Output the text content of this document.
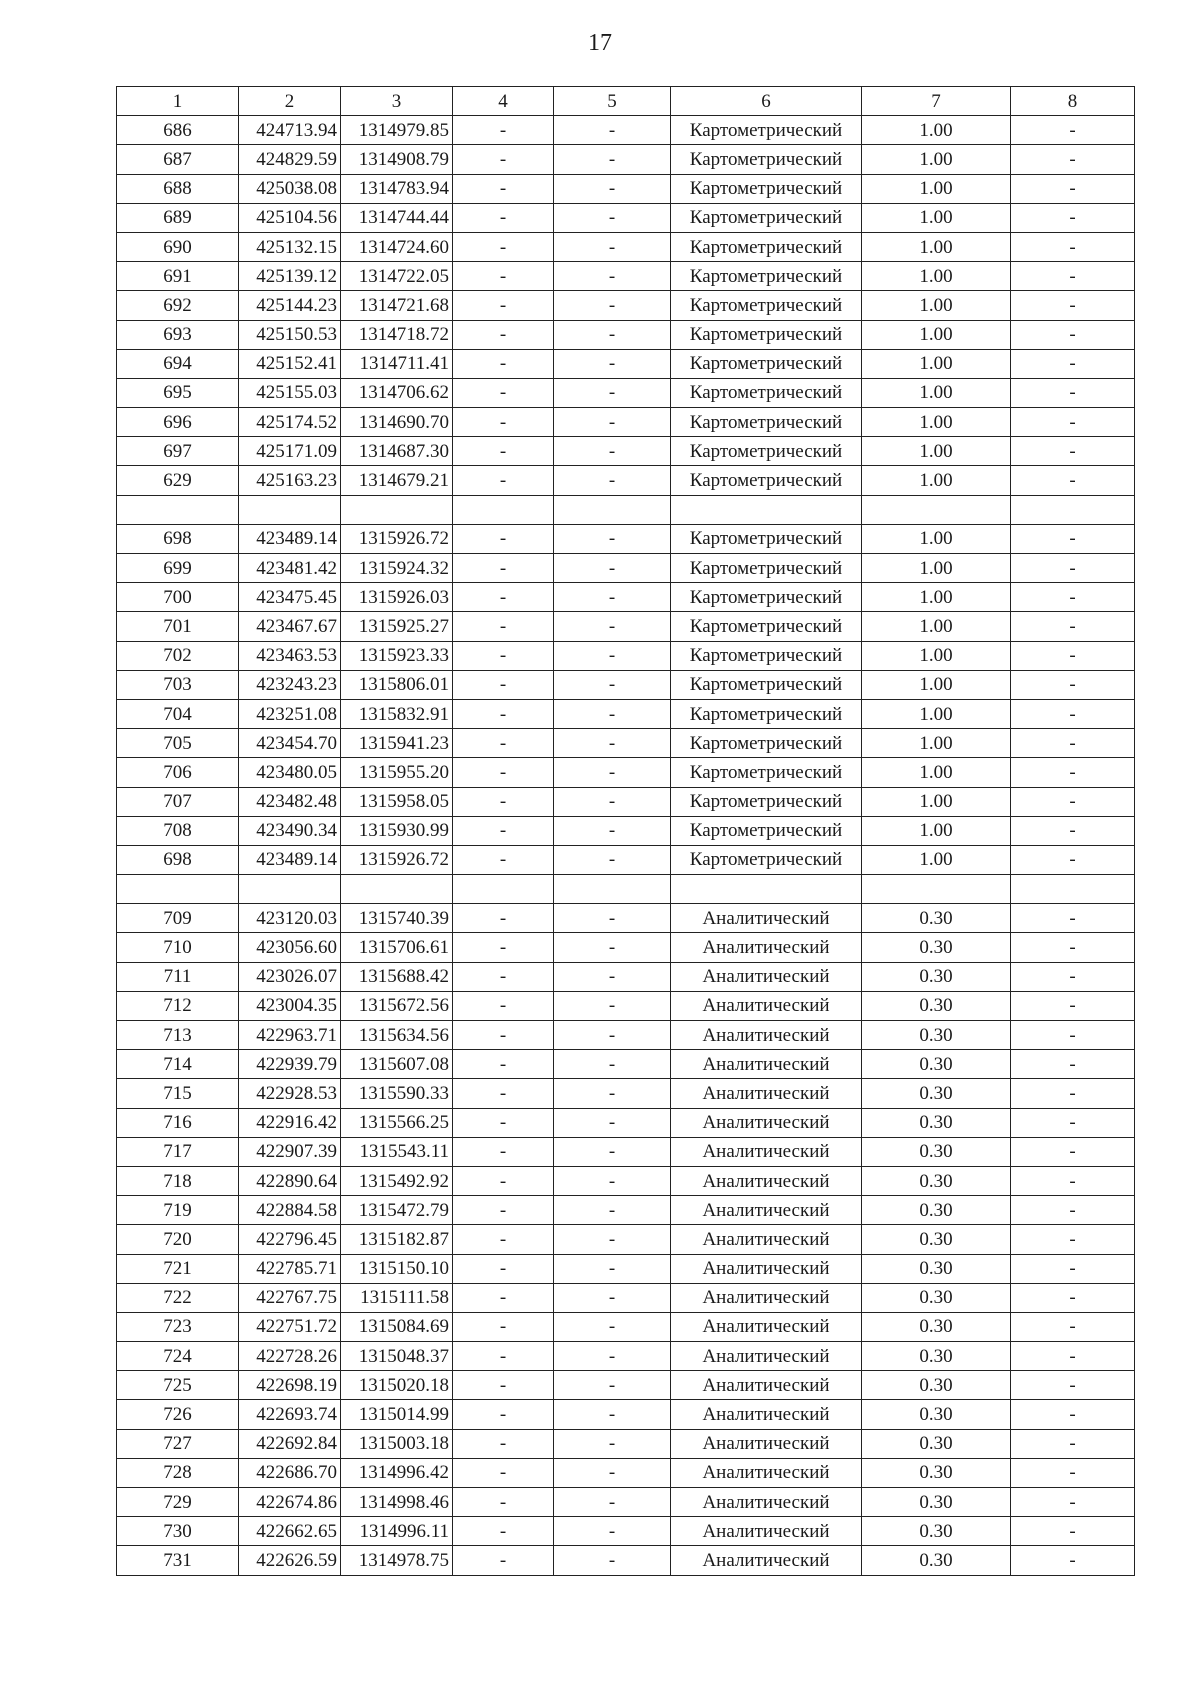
17
1	2	3	4	5	6	7	8
686	424713.94	1314979.85	-	-	Картометрический	1.00	-
687	424829.59	1314908.79	-	-	Картометрический	1.00	-
688	425038.08	1314783.94	-	-	Картометрический	1.00	-
689	425104.56	1314744.44	-	-	Картометрический	1.00	-
690	425132.15	1314724.60	-	-	Картометрический	1.00	-
691	425139.12	1314722.05	-	-	Картометрический	1.00	-
692	425144.23	1314721.68	-	-	Картометрический	1.00	-
693	425150.53	1314718.72	-	-	Картометрический	1.00	-
694	425152.41	1314711.41	-	-	Картометрический	1.00	-
695	425155.03	1314706.62	-	-	Картометрический	1.00	-
696	425174.52	1314690.70	-	-	Картометрический	1.00	-
697	425171.09	1314687.30	-	-	Картометрический	1.00	-
629	425163.23	1314679.21	-	-	Картометрический	1.00	-

698	423489.14	1315926.72	-	-	Картометрический	1.00	-
699	423481.42	1315924.32	-	-	Картометрический	1.00	-
700	423475.45	1315926.03	-	-	Картометрический	1.00	-
701	423467.67	1315925.27	-	-	Картометрический	1.00	-
702	423463.53	1315923.33	-	-	Картометрический	1.00	-
703	423243.23	1315806.01	-	-	Картометрический	1.00	-
704	423251.08	1315832.91	-	-	Картометрический	1.00	-
705	423454.70	1315941.23	-	-	Картометрический	1.00	-
706	423480.05	1315955.20	-	-	Картометрический	1.00	-
707	423482.48	1315958.05	-	-	Картометрический	1.00	-
708	423490.34	1315930.99	-	-	Картометрический	1.00	-
698	423489.14	1315926.72	-	-	Картометрический	1.00	-

709	423120.03	1315740.39	-	-	Аналитический	0.30	-
710	423056.60	1315706.61	-	-	Аналитический	0.30	-
711	423026.07	1315688.42	-	-	Аналитический	0.30	-
712	423004.35	1315672.56	-	-	Аналитический	0.30	-
713	422963.71	1315634.56	-	-	Аналитический	0.30	-
714	422939.79	1315607.08	-	-	Аналитический	0.30	-
715	422928.53	1315590.33	-	-	Аналитический	0.30	-
716	422916.42	1315566.25	-	-	Аналитический	0.30	-
717	422907.39	1315543.11	-	-	Аналитический	0.30	-
718	422890.64	1315492.92	-	-	Аналитический	0.30	-
719	422884.58	1315472.79	-	-	Аналитический	0.30	-
720	422796.45	1315182.87	-	-	Аналитический	0.30	-
721	422785.71	1315150.10	-	-	Аналитический	0.30	-
722	422767.75	1315111.58	-	-	Аналитический	0.30	-
723	422751.72	1315084.69	-	-	Аналитический	0.30	-
724	422728.26	1315048.37	-	-	Аналитический	0.30	-
725	422698.19	1315020.18	-	-	Аналитический	0.30	-
726	422693.74	1315014.99	-	-	Аналитический	0.30	-
727	422692.84	1315003.18	-	-	Аналитический	0.30	-
728	422686.70	1314996.42	-	-	Аналитический	0.30	-
729	422674.86	1314998.46	-	-	Аналитический	0.30	-
730	422662.65	1314996.11	-	-	Аналитический	0.30	-
731	422626.59	1314978.75	-	-	Аналитический	0.30	-
